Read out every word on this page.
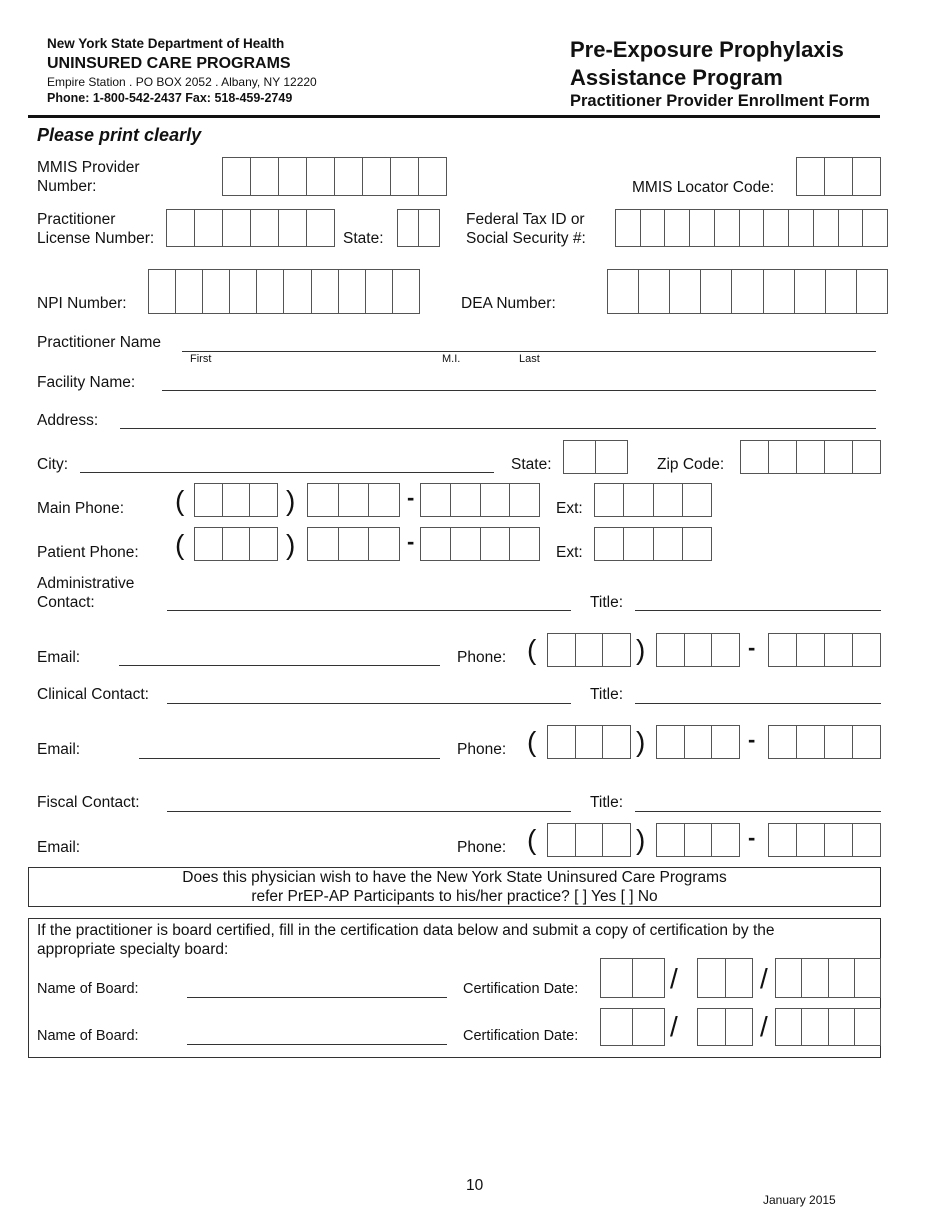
New York State Department of Health
UNINSURED CARE PROGRAMS
Empire Station . PO BOX 2052 . Albany, NY 12220
Phone: 1-800-542-2437 Fax: 518-459-2749
Pre-Exposure Prophylaxis
Assistance Program
Practitioner Provider Enrollment Form
Please print clearly
MMIS Provider
Number:	MMIS Locator Code:
Practitioner
License Number:	State:
Federal Tax ID or
Social Security #:
NPI Number:	DEA Number:
Practitioner Name
First	M.I.	Last
Facility Name:
Address:
City:	State:	Zip Code:
Main Phone: (	)	-	Ext:
Patient Phone: (	)	-	Ext:
Administrative
Contact:	Title:
Email:	Phone: (	)	-
Clinical Contact:	Title:
Email:	Phone: (	)	-
Fiscal Contact:	Title:
Email:	Phone: (	)	-
Does this physician wish to have the New York State Uninsured Care Programs
refer PrEP-AP Participants to his/her practice? [ ] Yes [ ] No
If the practitioner is board certified, fill in the certification data below and submit a copy of certification by the
appropriate specialty board:
Name of Board:	Certification Date:	/	/
Name of Board:	Certification Date:	/	/
10
January 2015
